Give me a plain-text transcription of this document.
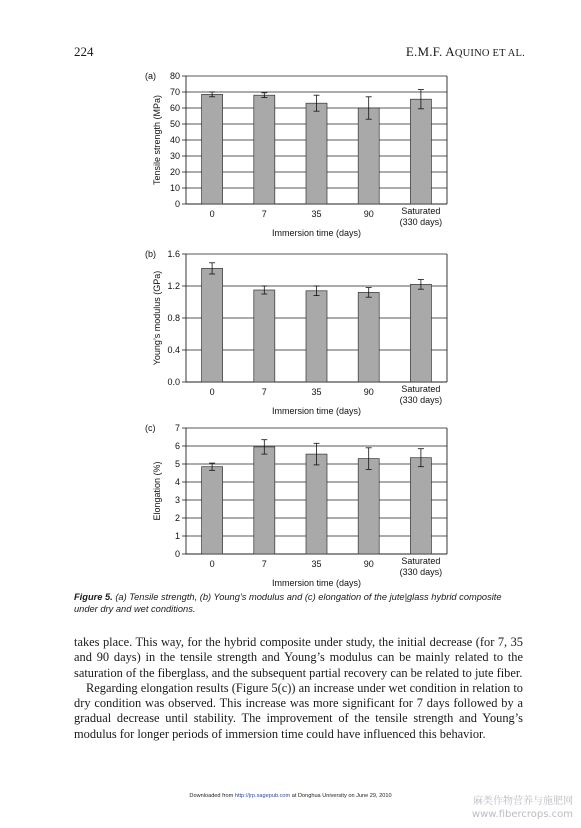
224	E.M.F. AQUINO ET AL.
0
10
20
30
40
50
60
70
80
0	7	35	90	Saturated
(330 days)
Immersion time (days)
Tensile strength (MPa)
(a)
0.0
0.4
0.8
1.2
1.6
0	7	35	90	Saturated
(330 days)
Immersion time (days)
Young’s modulus (GPa)
(b)
0
1
2
3
4
5
6
7
0	7	35	90	Saturated
(330 days)
Immersion time (days)
Elongation (%)
(c)
Figure 5. (a) Tensile strength, (b) Young’s modulus and (c) elongation of the jute|glass hybrid composite under dry and wet conditions.

takes place. This way, for the hybrid composite under study, the initial decrease (for 7, 35 and 90 days) in the tensile strength and Young’s modulus can be mainly related to the saturation of the fiberglass, and the subsequent partial recovery can be related to jute fiber.

Regarding elongation results (Figure 5(c)) an increase under wet condition in relation to dry condition was observed. This increase was more significant for 7 days followed by a gradual decrease until stability. The improvement of the tensile strength and Young’s modulus for longer periods of immersion time could have influenced this behavior.

Downloaded from http://jrp.sagepub.com at Donghua University on June 29, 2010	麻类作物营养与施肥网
www.fibercrops.com
